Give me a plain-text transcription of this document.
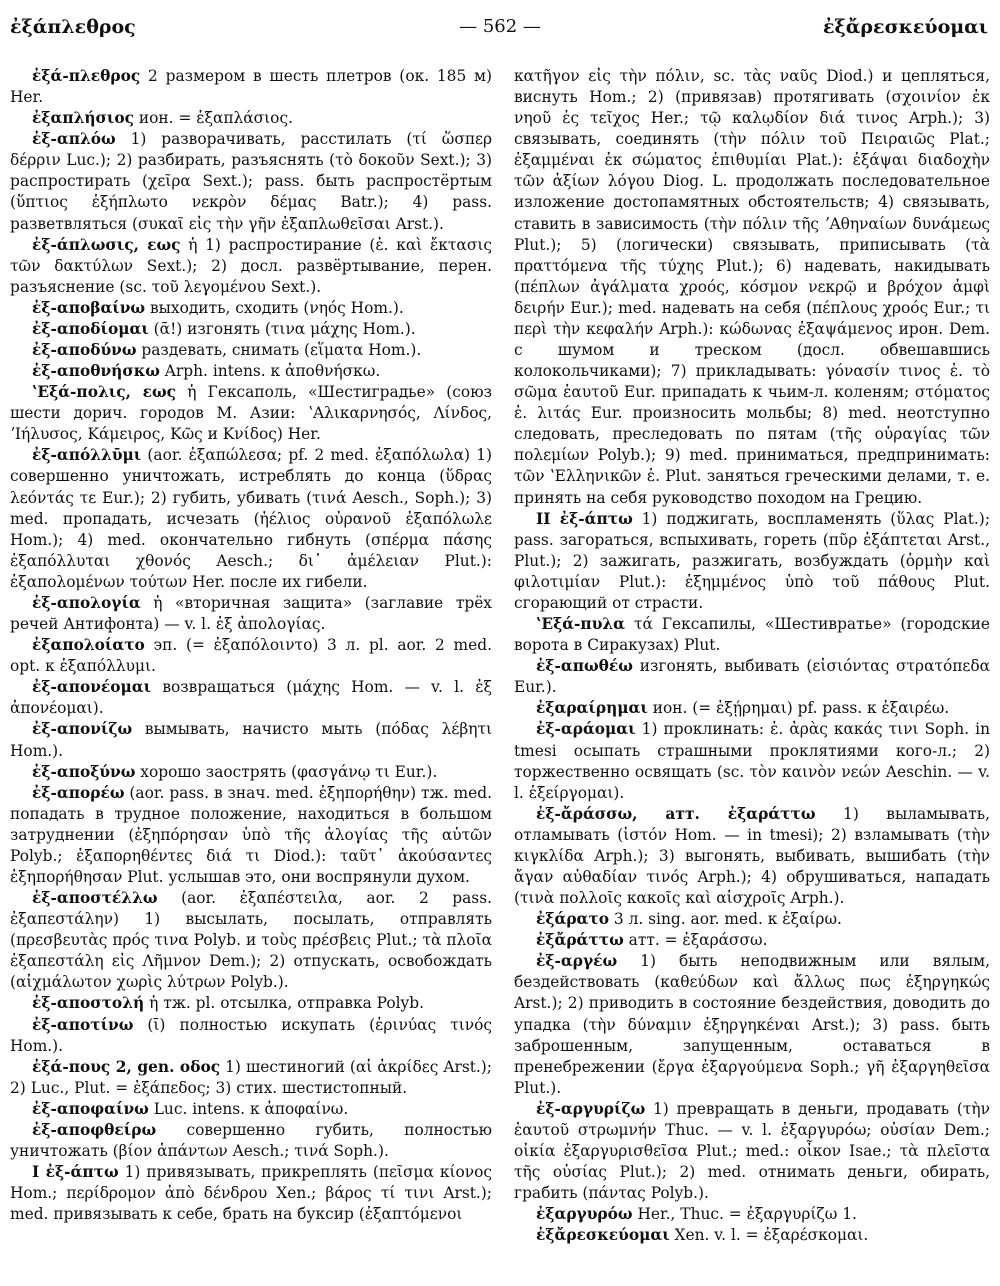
ἐξάπλεθρος	— 562 —	ἐξἄρεσκεύομαι

ἐξά-πλεθρος 2 размером в шесть плетров (ок. 185 м) Her.

ἐξαπλήσιος ион. = ἐξαπλάσιος.

ἐξ-απλόω 1) разворачивать, расстилать (τί ὥσπερ δέρριν Luc.); 2) разбирать, разъяснять (τὸ δοκοῦν Sext.); 3) распростирать (χεῖρα Sext.); pass. быть распростёртым (ὕπτιος ἐξήπλωτο νεκρὸν δέμας Batr.); 4) pass. разветвляться (συκαῖ εἰς τὴν γῆν ἐξαπλωθεῖσαι Arst.).

ἐξ-άπλωσις, εως ἡ 1) распростирание (ἐ. καὶ ἔκτασις τῶν δακτύλων Sext.); 2) досл. развёртывание, перен. разъяснение (sc. τοῦ λεγομένου Sext.).

ἐξ-αποβαίνω выходить, сходить (νηός Hom.).

ἐξ-αποδίομαι (ᾱ!) изгонять (τινα μάχης Hom.).

ἐξ-αποδύνω раздевать, снимать (εἵματα Hom.).

ἐξ-αποθνήσκω Arph. intens. к ἀποθνήσκω.

ʽΕξά-πολις, εως ἡ Гексаполь, «Шестиградье» (союз шести дорич. городов М. Азии: ʽΑλικαρνησός, Λίνδος, ʼΙήλυσος, Κάμειρος, Κῶς и Κνίδος) Her.

ἐξ-απόλλῡμι (aor. ἐξαπώλεσα; pf. 2 med. ἐξαπόλωλα) 1) совершенно уничтожать, истреблять до конца (ὕδρας λεόντάς τε Eur.); 2) губить, убивать (τινά Aesch., Soph.); 3) med. пропадать, исчезать (ἠέλιος οὐρανοῦ ἐξαπόλωλε Hom.); 4) med. окончательно гибнуть (σπέρμα πάσης ἐξαπόλλυται χθονός Aesch.; δι᾿ ἀμέλειαν Plut.): ἐξαπολομένων τούτων Her. после их гибели.

ἐξ-απολογία ἡ «вторичная защита» (заглавие трёх речей Антифонта) — v. l. ἐξ ἀπολογίας.

ἐξαπολοίατο эп. (= ἐξαπόλοιντο) 3 л. pl. aor. 2 med. opt. к ἐξαπόλλυμι.

ἐξ-απονέομαι возвращаться (μάχης Hom. — v. l. ἐξ ἀπονέομαι).

ἐξ-απονίζω вымывать, начисто мыть (πόδας λέβητι Hom.).

ἐξ-αποξύνω хорошо заострять (φασγάνῳ τι Eur.).

ἐξ-απορέω (aor. pass. в знач. med. ἐξηπορήθην) тж. med. попадать в трудное положение, находиться в большом затруднении (ἐξηπόρησαν ὑπὸ τῆς ἀλογίας τῆς αὐτῶν Polyb.; ἐξαπορηθέντες διά τι Diod.): ταῦτ᾿ ἀκούσαντες ἐξηπορήθησαν Plut. услышав это, они воспрянули духом.

ἐξ-αποστέλλω (aor. ἐξαπέστειλα, aor. 2 pass. ἐξαπεστάλην) 1) высылать, посылать, отправлять (πρεσβευτὰς πρός τινα Polyb. и τοὺς πρέσβεις Plut.; τὰ πλοῖα ἐξαπεστάλη εἰς Λῆμνον Dem.); 2) отпускать, освобождать (αἰχμάλωτον χωρὶς λύτρων Polyb.).

ἐξ-αποστολή ἡ тж. pl. отсылка, отправка Polyb.

ἐξ-αποτίνω (ῑ) полностью искупать (ἐρινύας τινός Hom.).

ἐξά-πους 2, gen. οδος 1) шестиногий (αἱ ἀκρίδες Arst.); 2) Luc., Plut. = ἑξάπεδος; 3) стих. шестистопный.

ἐξ-αποφαίνω Luc. intens. к ἀποφαίνω.

ἐξ-αποφθείρω совершенно губить, полностью уничтожать (βίον ἁπάντων Aesch.; τινά Soph.).

I ἐξ-άπτω 1) привязывать, прикреплять (πεῖσμα κίονος Hom.; περίδρομον ἀπὸ δένδρου Xen.; βάρος τί τινι Arst.); med. привязывать к себе, брать на буксир (ἐξαπτόμενοι

κατῆγον εἰς τὴν πόλιν, sc. τὰς ναῦς Diod.) и цепляться, виснуть Hom.; 2) (привязав) протягивать (σχοινίον ἐκ νηοῦ ἐς τεῖχος Her.; τῷ καλῳδίον διά τινος Arph.); 3) связывать, соединять (τὴν πόλιν τοῦ Πειραιῶς Plat.; ἐξαμμέναι ἐκ σώματος ἐπιθυμίαι Plat.): ἐξάψαι διαδοχὴν τῶν ἀξίων λόγου Diog. L. продолжать последовательное изложение достопамятных обстоятельств; 4) связывать, ставить в зависимость (τὴν πόλιν τῆς ʼΑθηναίων δυνάμεως Plut.); 5) (логически) связывать, приписывать (τὰ πραττόμενα τῆς τύχης Plut.); 6) надевать, накидывать (πέπλων ἀγάλματα χροός, κόσμον νεκρῷ и βρόχον ἀμφὶ δειρήν Eur.); med. надевать на себя (πέπλους χροός Eur.; τι περὶ τὴν κεφαλήν Arph.): κώδωνας ἐξαψάμενος ирон. Dem. с шумом и треском (досл. обвешавшись колокольчиками); 7) прикладывать: γόνασίν τινος ἐ. τὸ σῶμα ἑαυτοῦ Eur. припадать к чьим-л. коленям; στόματος ἐ. λιτάς Eur. произносить мольбы; 8) med. неотступно следовать, преследовать по пятам (τῆς οὐραγίας τῶν πολεμίων Polyb.); 9) med. приниматься, предпринимать: τῶν ʽΕλληνικῶν ἐ. Plut. заняться греческими делами, т. е. принять на себя руководство походом на Грецию.

II ἐξ-άπτω 1) поджигать, воспламенять (ὕλας Plat.); pass. загораться, вспыхивать, гореть (πῦρ ἐξάπτεται Arst., Plut.); 2) зажигать, разжигать, возбуждать (ὁρμὴν καὶ φιλοτιμίαν Plut.): ἐξημμένος ὑπὸ τοῦ πάθους Plut. сгорающий от страсти.

ʽΕξά-πυλα τά Гексапилы, «Шестивратье» (городские ворота в Сиракузах) Plut.

ἐξ-απωθέω изгонять, выбивать (εἰσιόντας στρατόπεδα Eur.).

ἐξαραίρημαι ион. (= ἐξῄρημαι) pf. pass. к ἐξαιρέω.

ἐξ-αράομαι 1) проклинать: ἐ. ἀρὰς κακάς τινι Soph. in tmesi осыпать страшными проклятиями кого-л.; 2) торжественно освящать (sc. τὸν καινὸν νεών Aeschin. — v. l. ἐξείργομαι).

ἐξ-ἄράσσω, атт. ἐξαράττω 1) выламывать, отламывать (ἱστόν Hom. — in tmesi); 2) взламывать (τὴν κιγκλίδα Arph.); 3) выгонять, выбивать, вышибать (τὴν ἄγαν αὐθαδίαν τινός Arph.); 4) обрушиваться, нападать (τινὰ πολλοῖς κακοῖς καὶ αἰσχροῖς Arph.).

ἐξάρατο 3 л. sing. aor. med. к ἐξαίρω.

ἐξἄράττω атт. = ἐξαράσσω.

ἐξ-αργέω 1) быть неподвижным или вялым, бездействовать (καθεύδων καὶ ἄλλως πως ἐξηργηκώς Arst.); 2) приводить в состояние бездействия, доводить до упадка (τὴν δύναμιν ἐξηργηκέναι Arst.); 3) pass. быть заброшенным, запущенным, оставаться в пренебрежении (ἔργα ἐξαργούμενα Soph.; γῆ ἐξαργηθεῖσα Plut.).

ἐξ-αργυρίζω 1) превращать в деньги, продавать (τὴν ἑαυτοῦ στρωμνήν Thuc. — v. l. ἐξαργυρόω; οὐσίαν Dem.; οἰκία ἐξαργυρισθεῖσα Plut.; med.: οἶκον Isae.; τὰ πλεῖστα τῆς οὐσίας Plut.); 2) med. отнимать деньги, обирать, грабить (πάντας Polyb.).

ἐξαργυρόω Her., Thuc. = ἐξαργυρίζω 1.

ἐξἄρεσκεύομαι Xen. v. l. = ἐξαρέσκομαι.
